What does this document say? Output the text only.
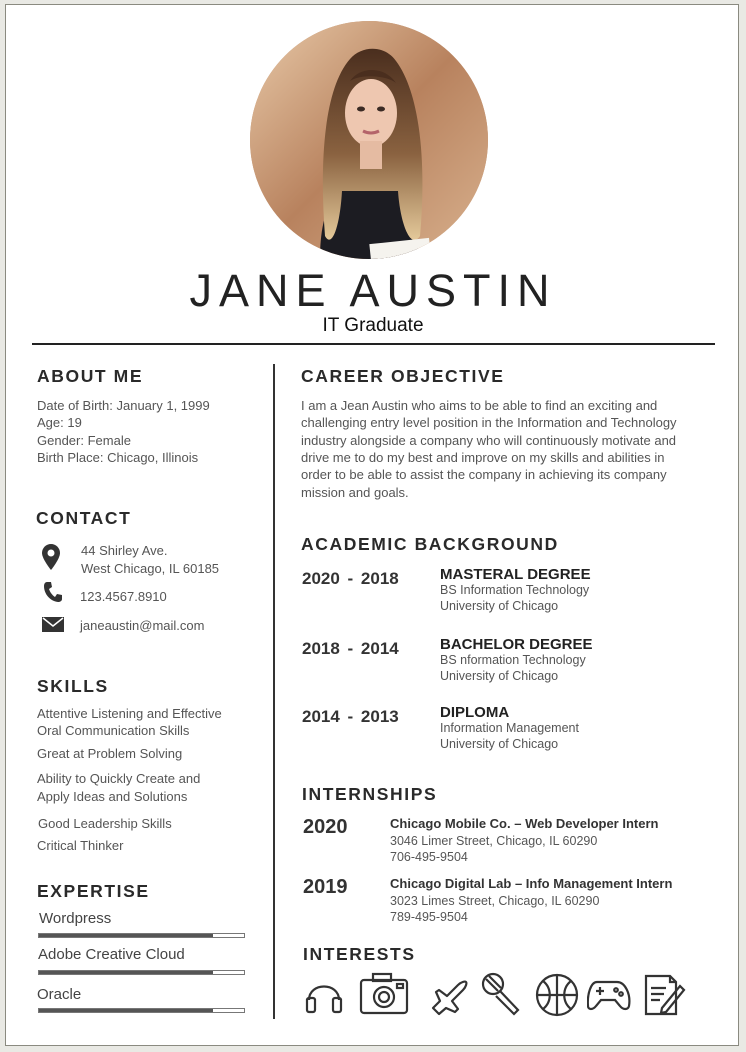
JANE AUSTIN
IT Graduate
ABOUT ME
Date of Birth: January 1, 1999
Age: 19
Gender: Female
Birth Place: Chicago, Illinois
CONTACT
44 Shirley Ave.
West Chicago, IL 60185
123.4567.8910
janeaustin@mail.com
SKILLS
Attentive Listening and Effective
Oral Communication Skills
Great at Problem Solving
Ability to Quickly Create and
Apply Ideas and Solutions
Good Leadership Skills
Critical Thinker
EXPERTISE
Wordpress
Adobe Creative Cloud
Oracle
CAREER OBJECTIVE
I am a Jean Austin who aims to be able to find an exciting and
challenging entry level position in the Information and Technology
industry alongside a company who will continuously motivate and
drive me to do my best and improve on my skills and abilities in
order to be able to assist the company in achieving its company
mission and goals.
ACADEMIC BACKGROUND
2020 - 2018	MASTERAL DEGREE
BS Information Technology
University of Chicago
2018 - 2014	BACHELOR DEGREE
BS nformation Technology
University of Chicago
2014 - 2013	DIPLOMA
Information Management
University of Chicago
INTERNSHIPS
2020	Chicago Mobile Co. – Web Developer Intern
3046 Limer Street, Chicago, IL 60290
706-495-9504
2019	Chicago Digital Lab – Info Management Intern
3023 Limes Street, Chicago, IL 60290
789-495-9504
INTERESTS
